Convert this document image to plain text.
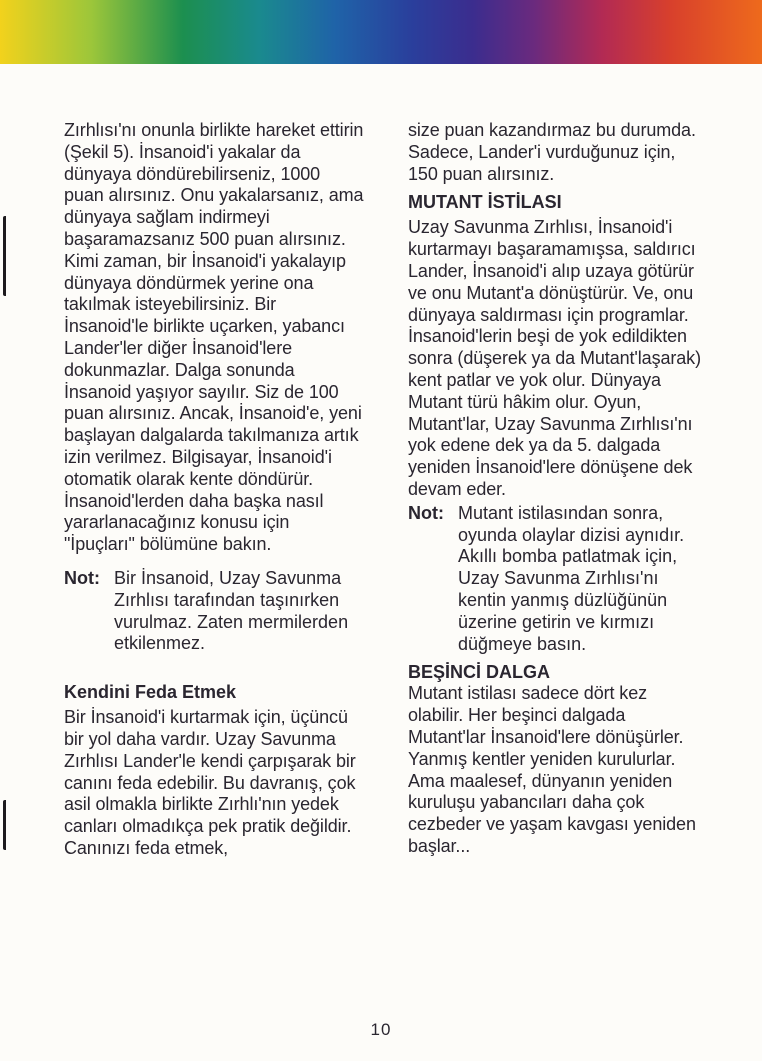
Zırhlısı'nı onunla birlikte hareket ettirin (Şekil 5). İnsanoid'i yakalar da dünyaya döndürebilirseniz, 1000 puan alırsınız. Onu yakalarsanız, ama dünyaya sağlam indirmeyi başaramazsanız 500 puan alırsınız.

Kimi zaman, bir İnsanoid'i yakalayıp dünyaya döndürmek yerine ona takılmak isteyebilirsiniz. Bir İnsanoid'le birlikte uçarken, yabancı Lander'ler diğer İnsanoid'lere dokunmazlar. Dalga sonunda İnsanoid yaşıyor sayılır. Siz de 100 puan alırsınız. Ancak, İnsanoid'e, yeni başlayan dalgalarda takılmanıza artık izin verilmez. Bilgisayar, İnsanoid'i otomatik olarak kente döndürür. İnsanoid'lerden daha başka nasıl yararlanacağınız konusu için "İpuçları" bölümüne bakın.

Not: Bir İnsanoid, Uzay Savunma Zırhlısı tarafından taşınırken vurulmaz. Zaten mermilerden etkilenmez.
Kendini Feda Etmek

Bir İnsanoid'i kurtarmak için, üçüncü bir yol daha vardır. Uzay Savunma Zırhlısı Lander'le kendi çarpışarak bir canını feda edebilir. Bu davranış, çok asil olmakla birlikte Zırhlı'nın yedek canları olmadıkça pek pratik değildir. Canınızı feda etmek,

size puan kazandırmaz bu durumda. Sadece, Lander'i vurduğunuz için, 150 puan alırsınız.

MUTANT İSTİLASI

Uzay Savunma Zırhlısı, İnsanoid'i kurtarmayı başaramamışsa, saldırıcı Lander, İnsanoid'i alıp uzaya götürür ve onu Mutant'a dönüştürür. Ve, onu dünyaya saldırması için programlar. İnsanoid'lerin beşi de yok edildikten sonra (düşerek ya da Mutant'laşarak) kent patlar ve yok olur. Dünyaya Mutant türü hâkim olur. Oyun, Mutant'lar, Uzay Savunma Zırhlısı'nı yok edene dek ya da 5. dalgada yeniden İnsanoid'lere dönüşene dek devam eder.

Not: Mutant istilasından sonra, oyunda olaylar dizisi aynıdır. Akıllı bomba patlatmak için, Uzay Savunma Zırhlısı'nı kentin yanmış düzlüğünün üzerine getirin ve kırmızı düğmeye basın.
BEŞİNCİ DALGA

Mutant istilası sadece dört kez olabilir. Her beşinci dalgada Mutant'lar İnsanoid'lere dönüşürler. Yanmış kentler yeniden kurulurlar. Ama maalesef, dünyanın yeniden kuruluşu yabancıları daha çok cezbeder ve yaşam kavgası yeniden başlar...

10
